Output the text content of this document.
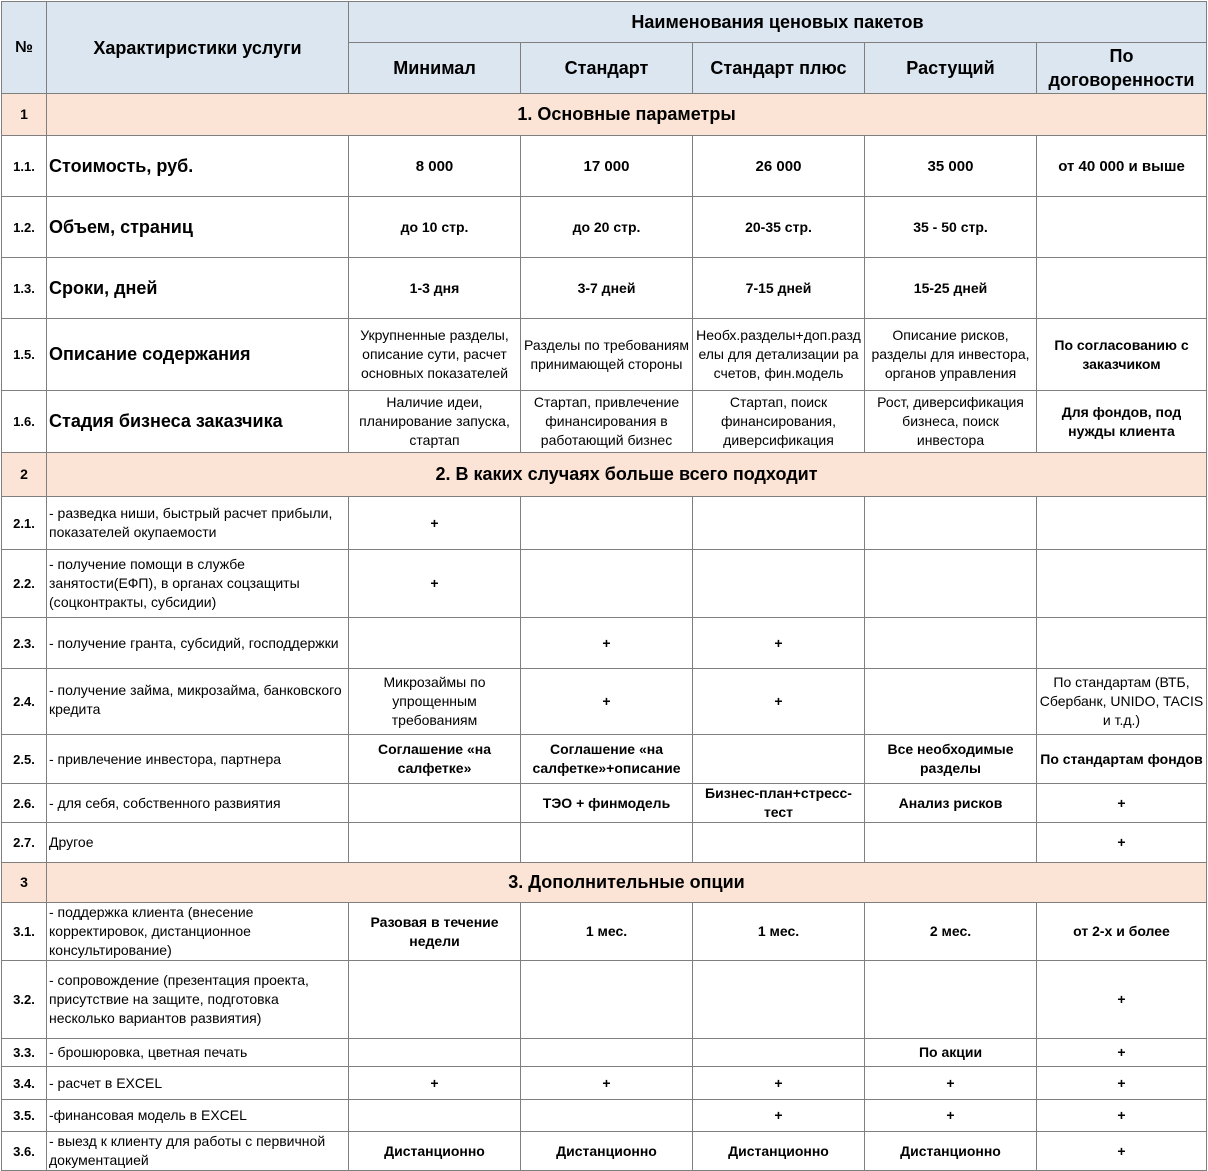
№	Характиристики услуги	Наименования ценовых пакетов				
		Минимал	Стандарт	Стандарт плюс	Растущий	По договоренности
1	1. Основные параметры					
1.1.	Стоимость, руб.	8 000	17 000	26 000	35 000	от 40 000 и выше
1.2.	Объем, страниц	до 10 стр.	до 20 стр.	20-35 стр.	35 - 50 стр.	
1.3.	Сроки, дней	1-3 дня	3-7 дней	7-15 дней	15-25 дней	
1.5.	Описание содержания	Укрупненные разделы, описание сути, расчет основных показателей	Разделы по требованиям принимающей стороны	Необх.разделы+доп.разделы для детализации расчетов, фин.модель	Описание рисков, разделы для инвестора, органов управления	По согласованию с заказчиком
1.6.	Стадия бизнеса заказчика	Наличие идеи, планирование запуска, стартап	Стартап, привлечение финансирования в работающий бизнес	Стартап, поиск финансирования, диверсификация	Рост, диверсификация бизнеса, поиск инвестора	Для фондов, под нужды клиента
2	2. В каких случаях больше всего подходит					
2.1.	- разведка ниши, быстрый расчет прибыли, показателей окупаемости	+				
2.2.	- получение помощи в службе занятости(ЕФП), в органах соцзащиты (соцконтракты, субсидии)	+				
2.3.	- получение гранта, субсидий, господдержки		+	+		
2.4.	- получение займа, микрозайма, банковского кредита	Микрозаймы по упрощенным требованиям	+	+		По стандартам (ВТБ, Сбербанк, UNIDO, TACIS и т.д.)
2.5.	- привлечение инвестора, партнера	Соглашение «на салфетке»	Соглашение «на салфетке»+описание		Все необходимые разделы	По стандартам фондов
2.6.	- для себя, собственного развиятия		ТЭО + финмодель	Бизнес-план+стресс-тест	Анализ рисков	+
2.7.	Другое					+
3	3. Дополнительные опции					
3.1.	- поддержка клиента (внесение корректировок, дистанционное консультирование)	Разовая в течение недели	1 мес.	1 мес.	2 мес.	от 2-х и более
3.2.	- сопровождение (презентация проекта, присутствие на защите, подготовка несколько вариантов развиятия)					+
3.3.	- брошюровка, цветная печать				По акции	+
3.4.	- расчет в EXCEL	+	+	+	+	+
3.5.	-финансовая модель в EXCEL			+	+	+
3.6.	- выезд к клиенту для работы с первичной документацией	Дистанционно	Дистанционно	Дистанционно	Дистанционно	+
